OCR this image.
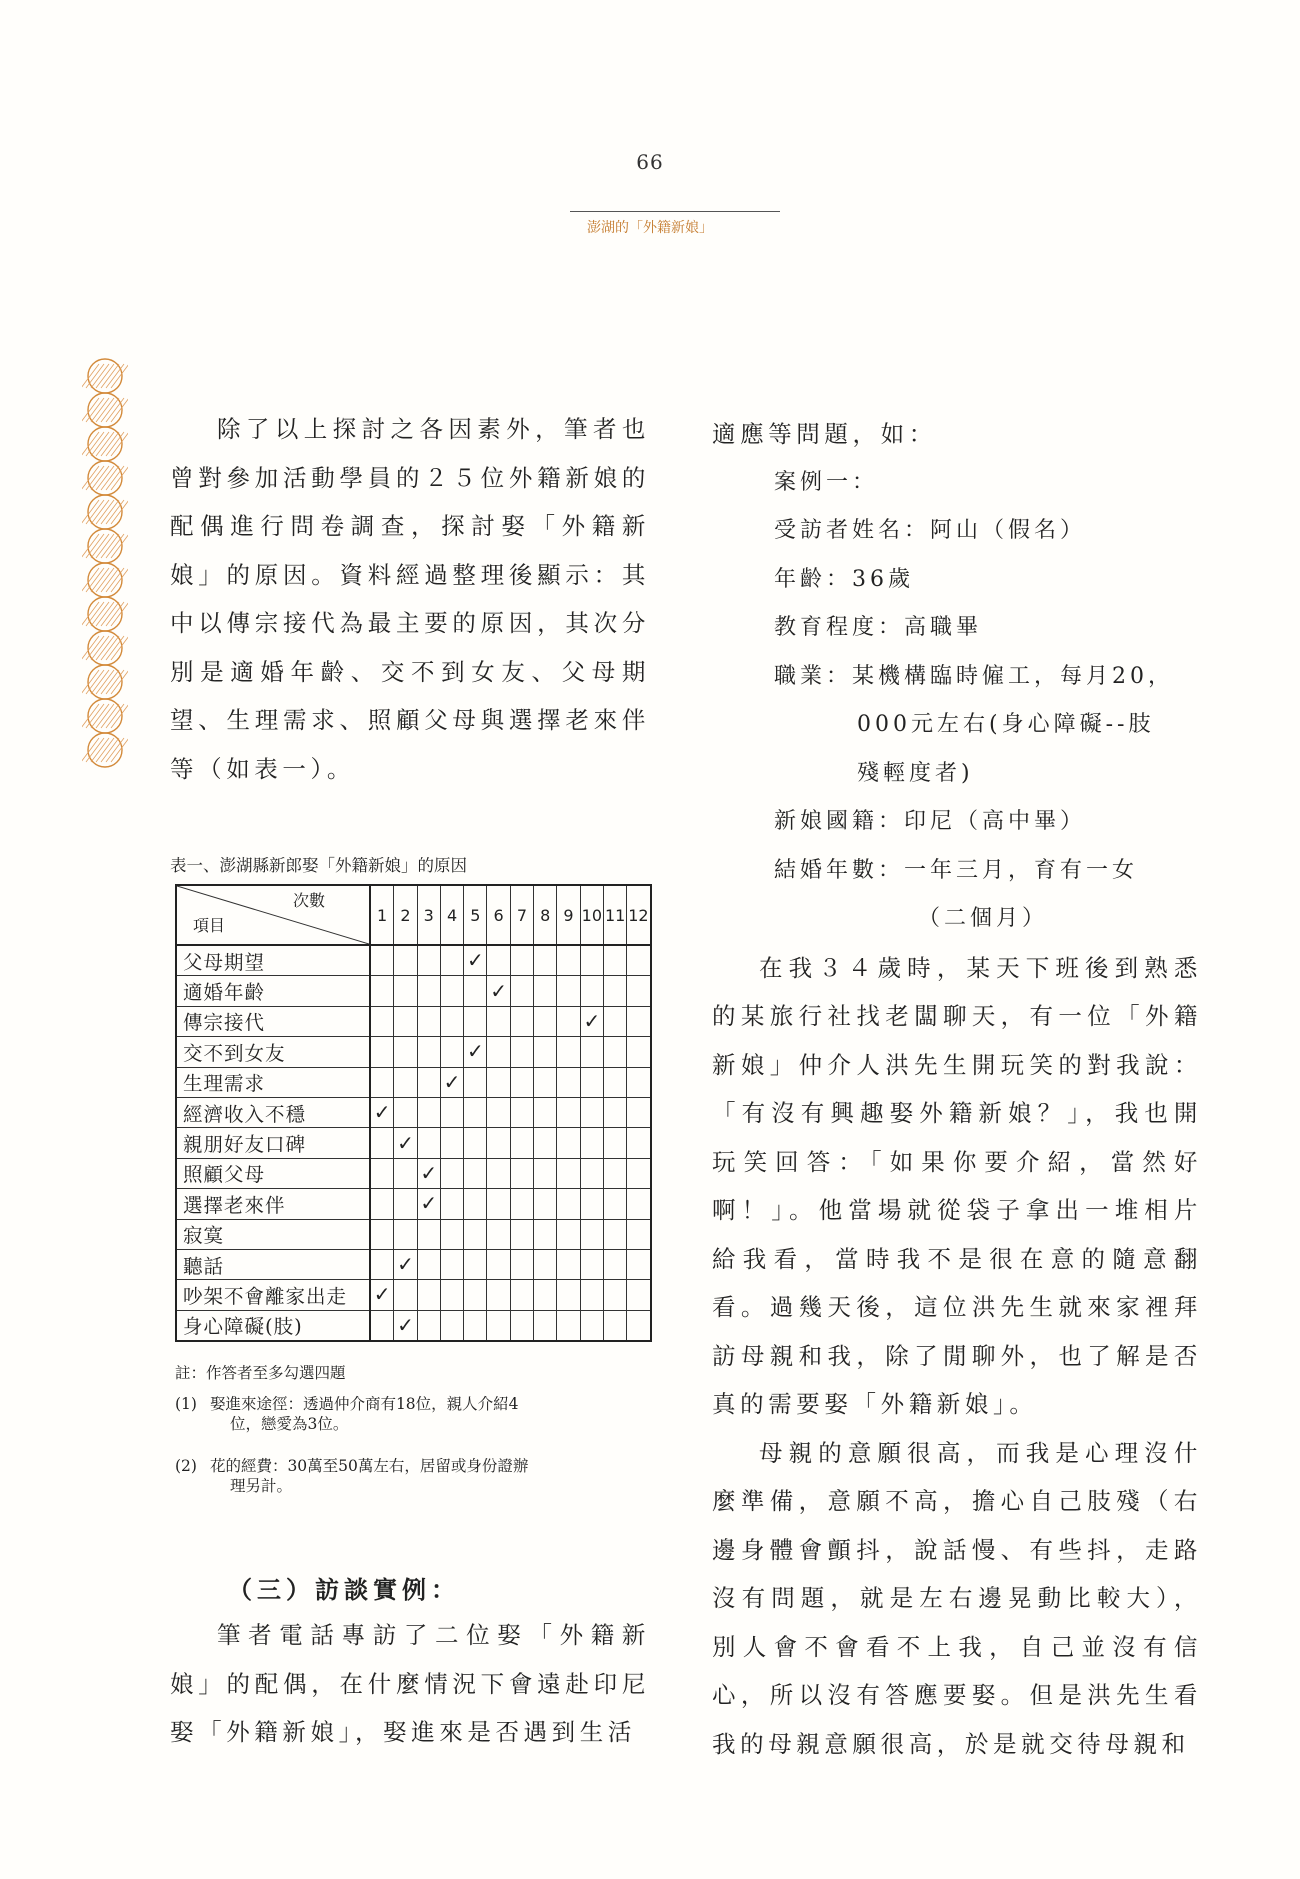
66
澎湖的「外籍新娘」

除了以上探討之各因素外，筆者也曾對參加活動學員的２５位外籍新娘的配偶進行問卷調查，探討娶「外籍新娘」的原因。資料經過整理後顯示：其中以傳宗接代為最主要的原因，其次分別是適婚年齡、交不到女友、父母期望、生理需求、照顧父母與選擇老來伴等（如表一）。

表一、澎湖縣新郎娶「外籍新娘」的原因
次數
項目	1	2	3	4	5	6	7	8	9	10	11	12
父母期望					✓							
適婚年齡						✓						
傳宗接代										✓		
交不到女友					✓							
生理需求				✓								
經濟收入不穩	✓											
親朋好友口碑		✓										
照顧父母			✓									
選擇老來伴			✓									
寂寞												
聽話		✓										
吵架不會離家出走	✓											
身心障礙(肢)		✓										
註：作答者至多勾選四題
(1) 娶進來途徑：透過仲介商有18位，親人介紹4
位，戀愛為3位。
(2) 花的經費：30萬至50萬左右，居留或身份證辦
理另計。
（三）訪談實例：

筆者電話專訪了二位娶「外籍新娘」的配偶，在什麼情況下會遠赴印尼娶「外籍新娘」，娶進來是否遇到生活

適應等問題，如：

案例一：

受訪者姓名：阿山（假名）

年齡：36歲

教育程度：高職畢

職業：某機構臨時僱工，每月20，

000元左右(身心障礙--肢

殘輕度者)

新娘國籍：印尼（高中畢）

結婚年數：一年三月，育有一女

（二個月）

在我３４歲時，某天下班後到熟悉的某旅行社找老闆聊天，有一位「外籍新娘」仲介人洪先生開玩笑的對我說：「有沒有興趣娶外籍新娘？」，我也開玩笑回答：「如果你要介紹，當然好啊！」。他當場就從袋子拿出一堆相片給我看，當時我不是很在意的隨意翻看。過幾天後，這位洪先生就來家裡拜訪母親和我，除了閒聊外，也了解是否真的需要娶「外籍新娘」。

母親的意願很高，而我是心理沒什麼準備，意願不高，擔心自己肢殘（右邊身體會顫抖，說話慢、有些抖，走路沒有問題，就是左右邊晃動比較大），別人會不會看不上我，自己並沒有信心，所以沒有答應要娶。但是洪先生看我的母親意願很高，於是就交待母親和
